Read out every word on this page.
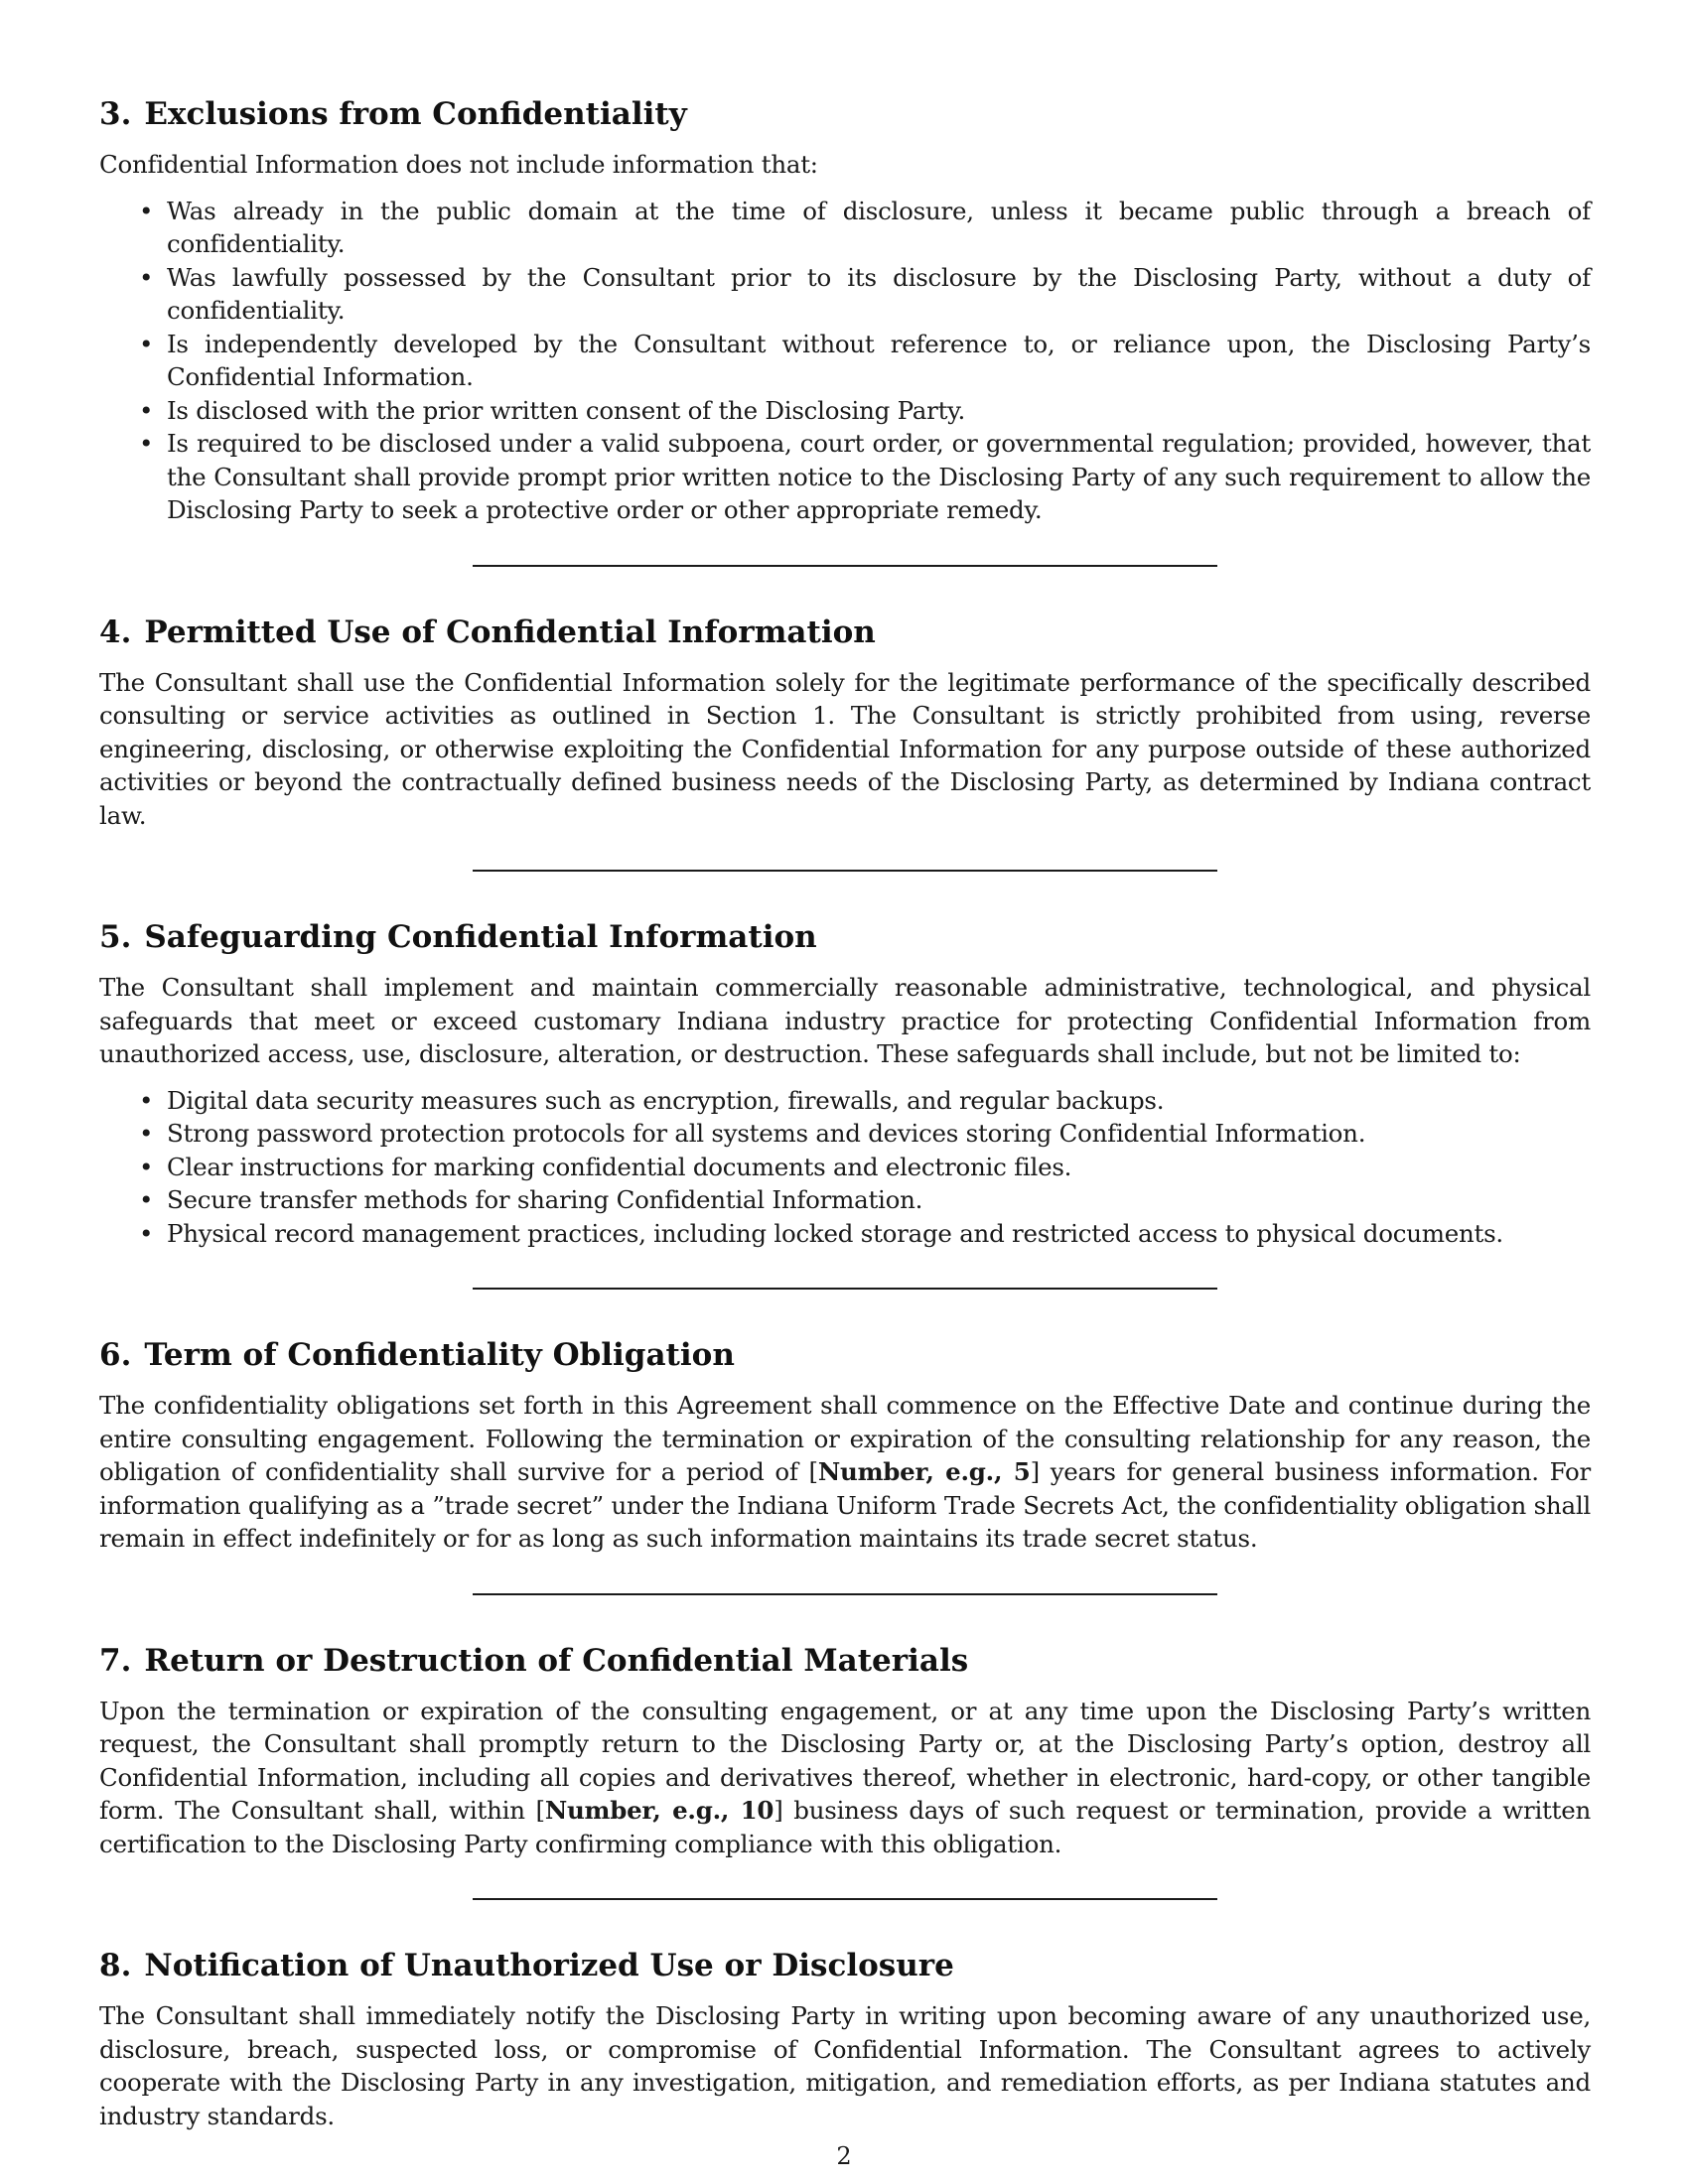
3. Exclusions from Confidentiality

Confidential Information does not include information that:

• Was already in the public domain at the time of disclosure, unless it became public through a breach of confidentiality.
• Was lawfully possessed by the Consultant prior to its disclosure by the Disclosing Party, without a duty of confidentiality.
• Is independently developed by the Consultant without reference to, or reliance upon, the Disclosing Party’s Confidential Information.
• Is disclosed with the prior written consent of the Disclosing Party.
• Is required to be disclosed under a valid subpoena, court order, or governmental regulation; provided, however, that the Consultant shall provide prompt prior written notice to the Disclosing Party of any such requirement to allow the Disclosing Party to seek a protective order or other appropriate remedy.
4. Permitted Use of Confidential Information

The Consultant shall use the Confidential Information solely for the legitimate performance of the specifically described consulting or service activities as outlined in Section 1. The Consultant is strictly prohibited from using, reverse engineering, disclosing, or otherwise exploiting the Confidential Information for any purpose outside of these authorized activities or beyond the contractually defined business needs of the Disclosing Party, as determined by Indiana contract law.

5. Safeguarding Confidential Information

The Consultant shall implement and maintain commercially reasonable administrative, technological, and physical safeguards that meet or exceed customary Indiana industry practice for protecting Confidential Information from unauthorized access, use, disclosure, alteration, or destruction. These safeguards shall include, but not be limited to:

• Digital data security measures such as encryption, firewalls, and regular backups.
• Strong password protection protocols for all systems and devices storing Confidential Information.
• Clear instructions for marking confidential documents and electronic files.
• Secure transfer methods for sharing Confidential Information.
• Physical record management practices, including locked storage and restricted access to physical documents.
6. Term of Confidentiality Obligation

The confidentiality obligations set forth in this Agreement shall commence on the Effective Date and continue during the entire consulting engagement. Following the termination or expiration of the consulting relationship for any reason, the obligation of confidentiality shall survive for a period of [Number, e.g., 5] years for general business information. For information qualifying as a ”trade secret” under the Indiana Uniform Trade Secrets Act, the confidentiality obligation shall remain in effect indefinitely or for as long as such information maintains its trade secret status.

7. Return or Destruction of Confidential Materials

Upon the termination or expiration of the consulting engagement, or at any time upon the Disclosing Party’s written request, the Consultant shall promptly return to the Disclosing Party or, at the Disclosing Party’s option, destroy all Confidential Information, including all copies and derivatives thereof, whether in electronic, hard-copy, or other tangible form. The Consultant shall, within [Number, e.g., 10] business days of such request or termination, provide a written certification to the Disclosing Party confirming compliance with this obligation.

8. Notification of Unauthorized Use or Disclosure

The Consultant shall immediately notify the Disclosing Party in writing upon becoming aware of any unauthorized use, disclosure, breach, suspected loss, or compromise of Confidential Information. The Consultant agrees to actively cooperate with the Disclosing Party in any investigation, mitigation, and remediation efforts, as per Indiana statutes and industry standards.

2
